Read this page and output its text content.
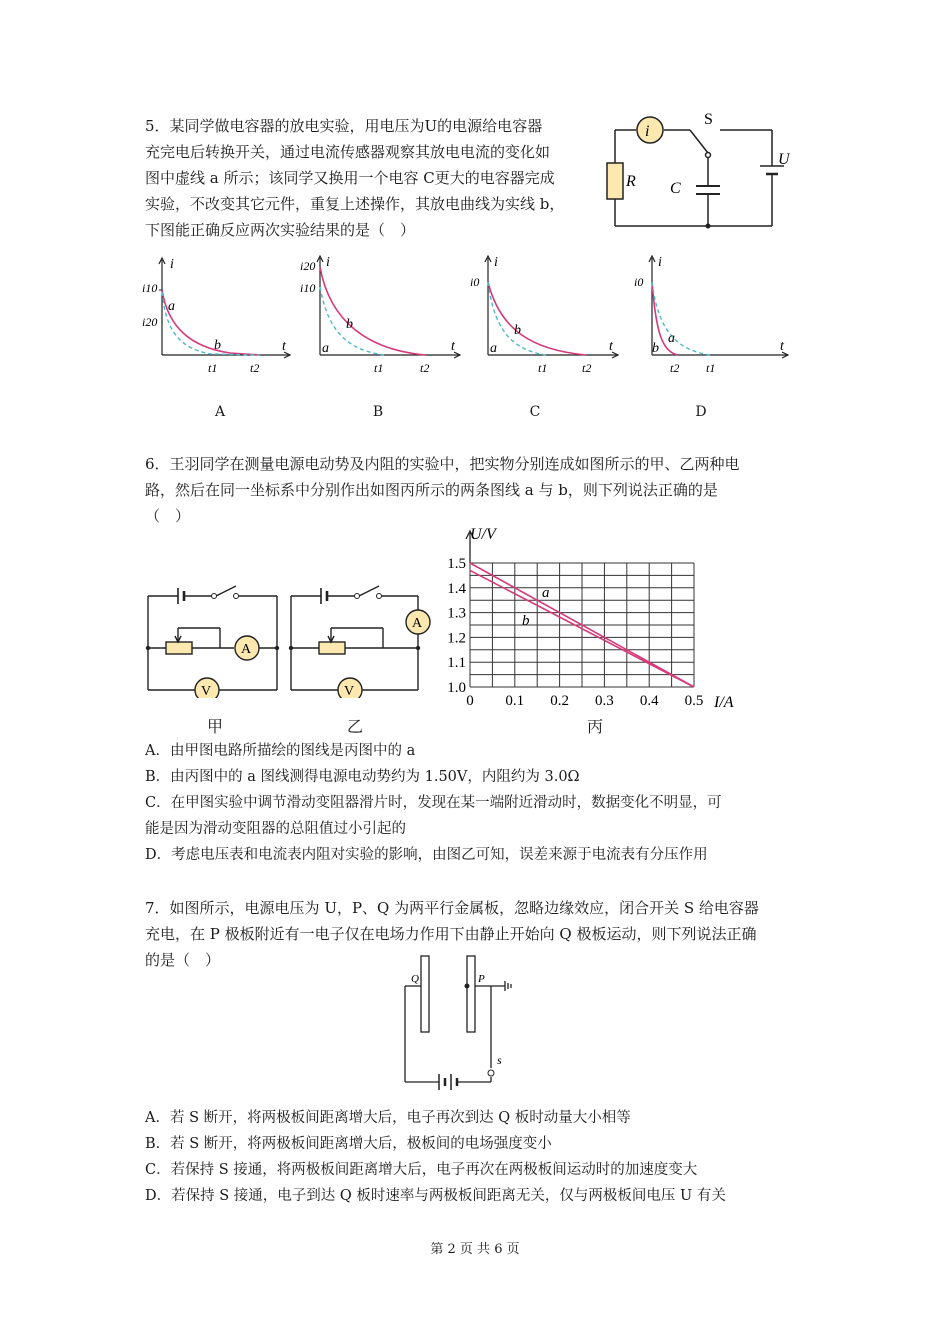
5．某同学做电容器的放电实验，用电压为U的电源给电容器
充完电后转换开关，通过电流传感器观察其放电电流的变化如
图中虚线 a 所示；该同学又换用一个电容 C更大的电容器完成
实验，不改变其它元件，重复上述操作，其放电曲线为实线 b，
下图能正确反应两次实验结果的是（　）
i
S
R C
U
i
t
i10
i20
a
b
t1	t2
i
t
i20
i10
b
a
t1	t2
i
t
i0
b
a
t1	t2
i
t
i0
a
b
t2 t1
A	B	C	D
6．王羽同学在测量电源电动势及内阻的实验中，把实物分别连成如图所示的甲、乙两种电
路，然后在同一坐标系中分别作出如图丙所示的两条图线 a 与 b，则下列说法正确的是
（　）
A
V
A
V
0 0.1 0.2 0.3 0.4 0.5
1.0
1.1
1.2
1.3
1.4
1.5
U/V
I/A
a
b
甲	乙	丙
A．由甲图电路所描绘的图线是丙图中的 a
B．由丙图中的 a 图线测得电源电动势约为 1.50V，内阻约为 3.0Ω
C．在甲图实验中调节滑动变阻器滑片时，发现在某一端附近滑动时，数据变化不明显，可
能是因为滑动变阻器的总阻值过小引起的
D．考虑电压表和电流表内阻对实验的影响，由图乙可知，误差来源于电流表有分压作用
7．如图所示，电源电压为 U，P、Q 为两平行金属板，忽略边缘效应，闭合开关 S 给电容器
充电，在 P 极板附近有一电子仅在电场力作用下由静止开始向 Q 极板运动，则下列说法正确
的是（　）
Q	P
s
A．若 S 断开，将两极板间距离增大后，电子再次到达 Q 板时动量大小相等
B．若 S 断开，将两极板间距离增大后，极板间的电场强度变小
C．若保持 S 接通，将两极板间距离增大后，电子再次在两极板间运动时的加速度变大
D．若保持 S 接通，电子到达 Q 板时速率与两极板间距离无关，仅与两极板间电压 U 有关
第 2 页 共 6 页
